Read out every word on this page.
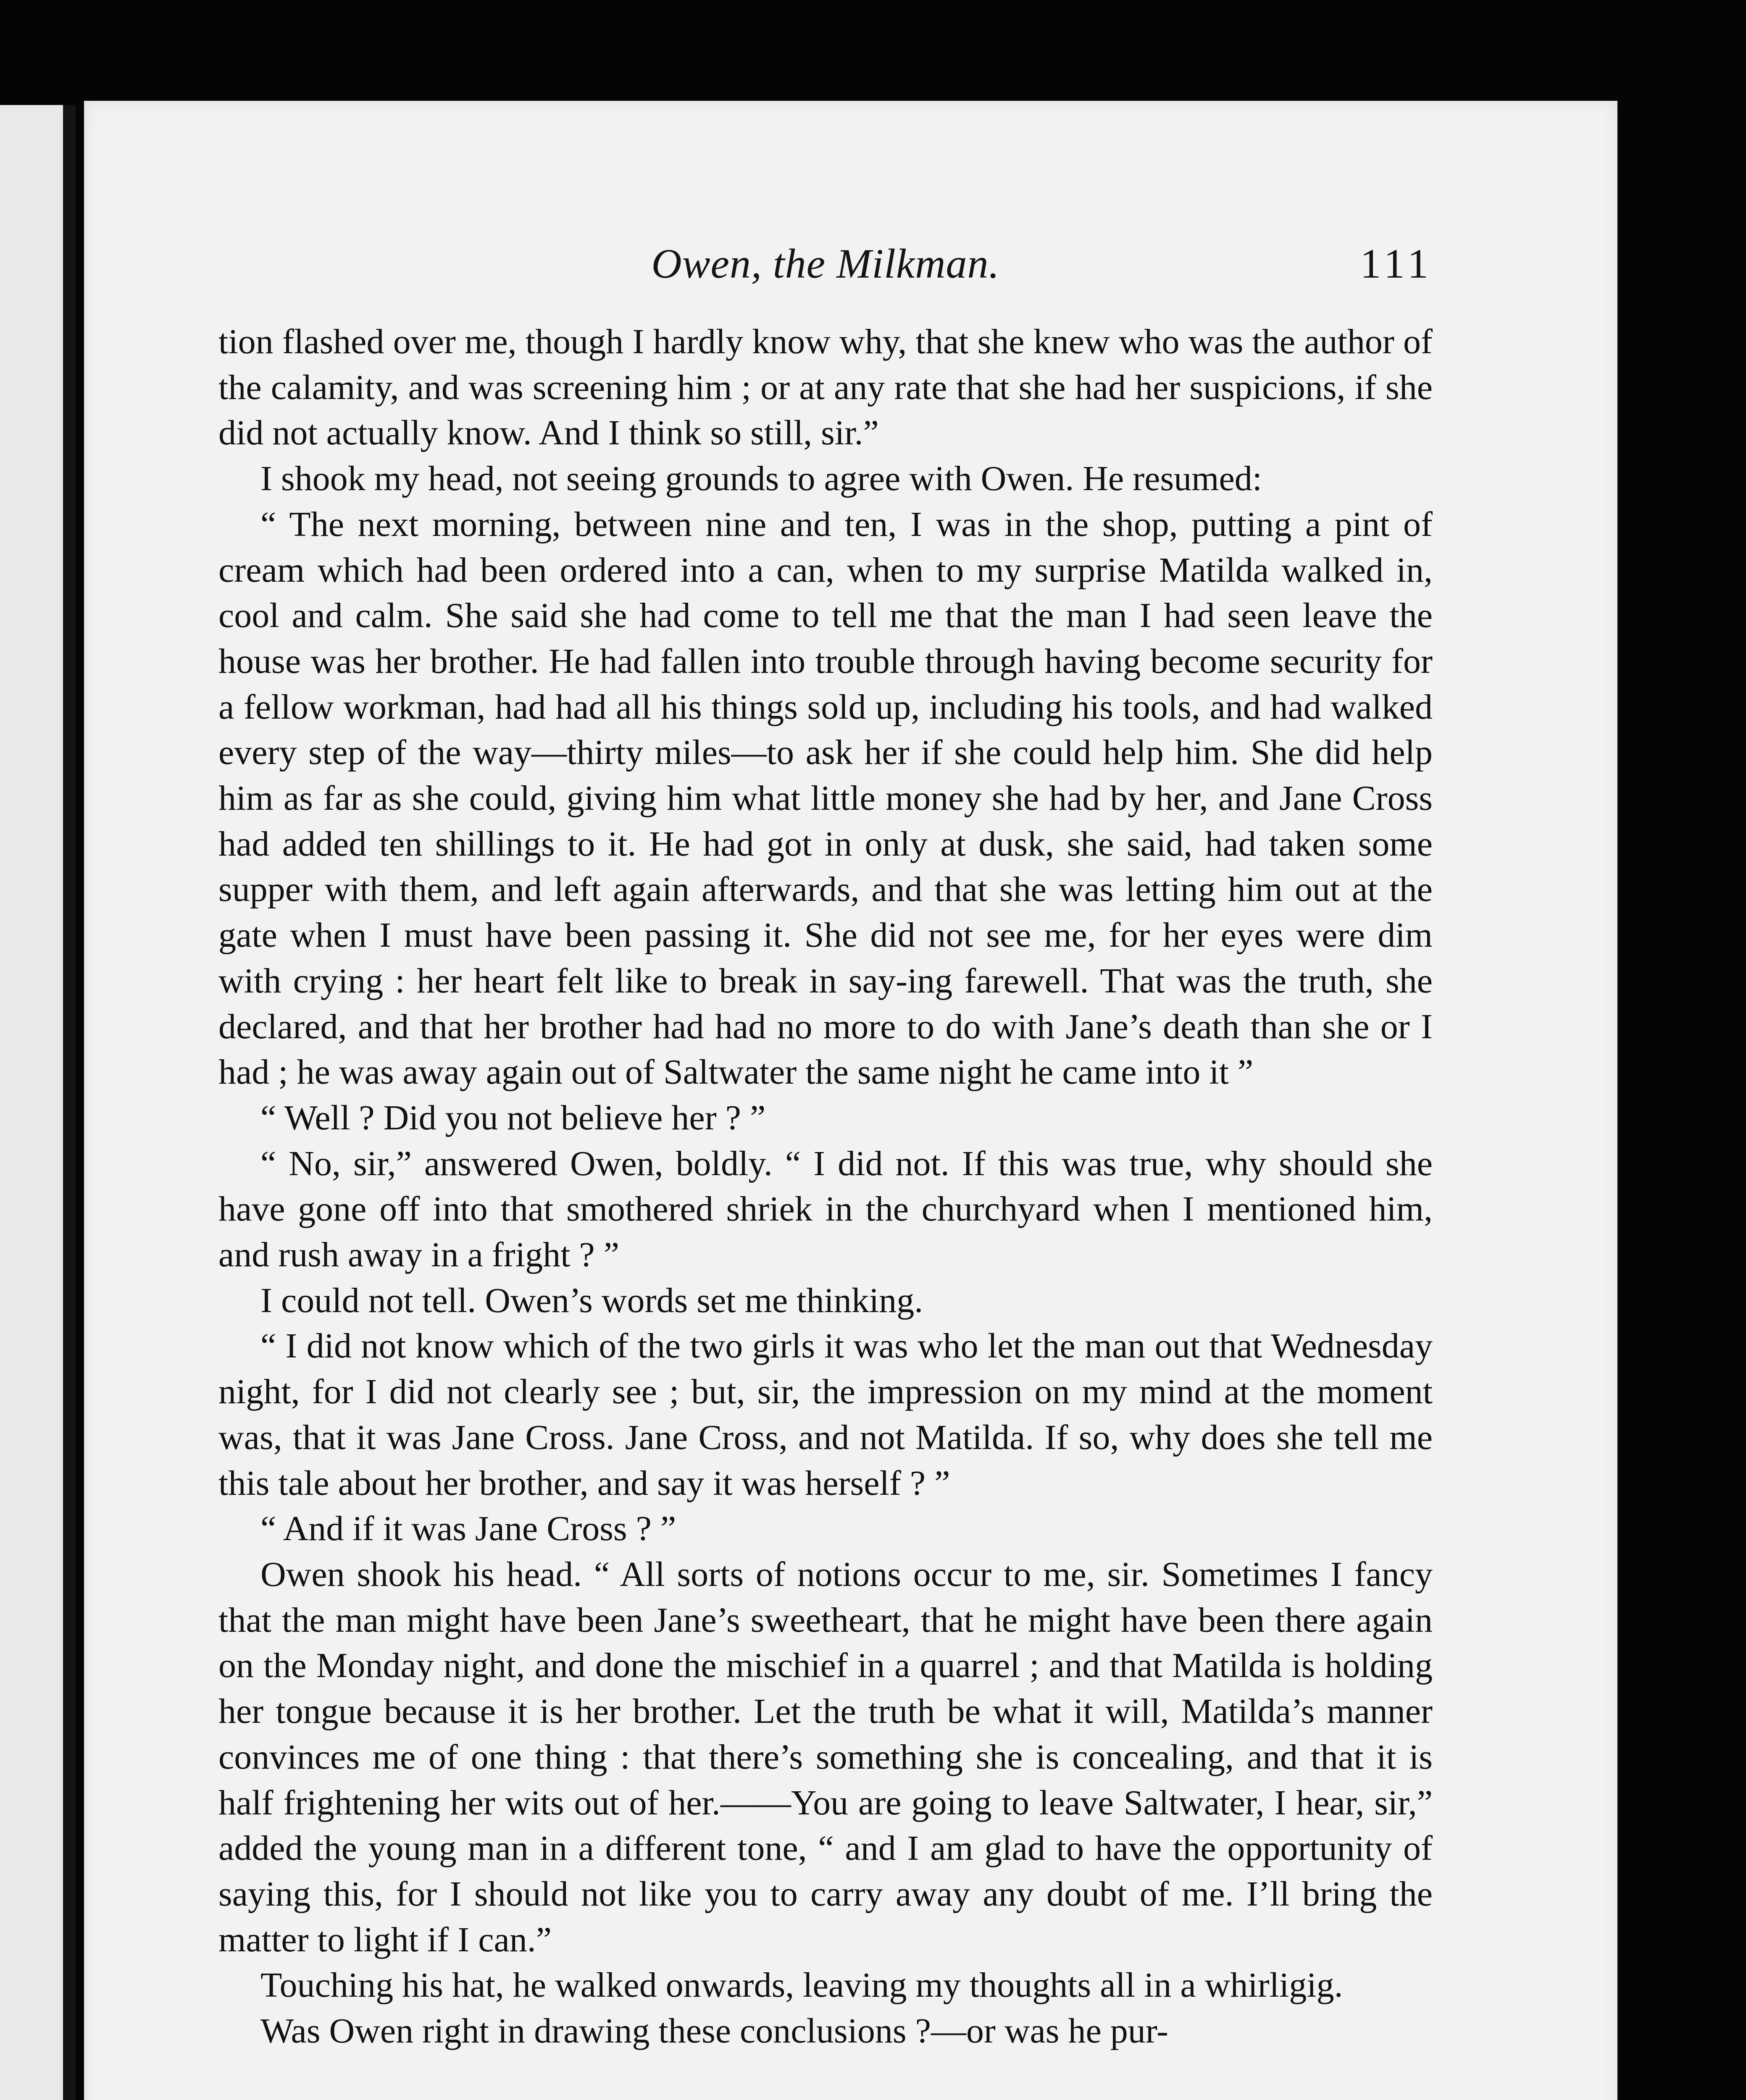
Owen, the Milkman.	111

tion flashed over me, though I hardly know why, that she knew who was the author of the calamity, and was screening him ; or at any rate that she had her suspicions, if she did not actually know. And I think so still, sir.”

I shook my head, not seeing grounds to agree with Owen. He resumed:

“ The next morning, between nine and ten, I was in the shop, putting a pint of cream which had been ordered into a can, when to my surprise Matilda walked in, cool and calm. She said she had come to tell me that the man I had seen leave the house was her brother. He had fallen into trouble through having become security for a fellow workman, had had all his things sold up, including his tools, and had walked every step of the way—thirty miles—to ask her if she could help him. She did help him as far as she could, giving him what little money she had by her, and Jane Cross had added ten shillings to it. He had got in only at dusk, she said, had taken some supper with them, and left again afterwards, and that she was letting him out at the gate when I must have been passing it. She did not see me, for her eyes were dim with crying : her heart felt like to break in say-ing farewell. That was the truth, she declared, and that her brother had had no more to do with Jane’s death than she or I had ; he was away again out of Saltwater the same night he came into it ”

“ Well ? Did you not believe her ? ”

“ No, sir,” answered Owen, boldly. “ I did not. If this was true, why should she have gone off into that smothered shriek in the churchyard when I mentioned him, and rush away in a fright ? ”

I could not tell. Owen’s words set me thinking.

“ I did not know which of the two girls it was who let the man out that Wednesday night, for I did not clearly see ; but, sir, the impression on my mind at the moment was, that it was Jane Cross. Jane Cross, and not Matilda. If so, why does she tell me this tale about her brother, and say it was herself ? ”

“ And if it was Jane Cross ? ”

Owen shook his head. “ All sorts of notions occur to me, sir. Sometimes I fancy that the man might have been Jane’s sweetheart, that he might have been there again on the Monday night, and done the mischief in a quarrel ; and that Matilda is holding her tongue because it is her brother. Let the truth be what it will, Matilda’s manner convinces me of one thing : that there’s something she is concealing, and that it is half frightening her wits out of her.——You are going to leave Saltwater, I hear, sir,” added the young man in a different tone, “ and I am glad to have the opportunity of saying this, for I should not like you to carry away any doubt of me. I’ll bring the matter to light if I can.”

Touching his hat, he walked onwards, leaving my thoughts all in a whirligig.

Was Owen right in drawing these conclusions ?—or was he pur-
